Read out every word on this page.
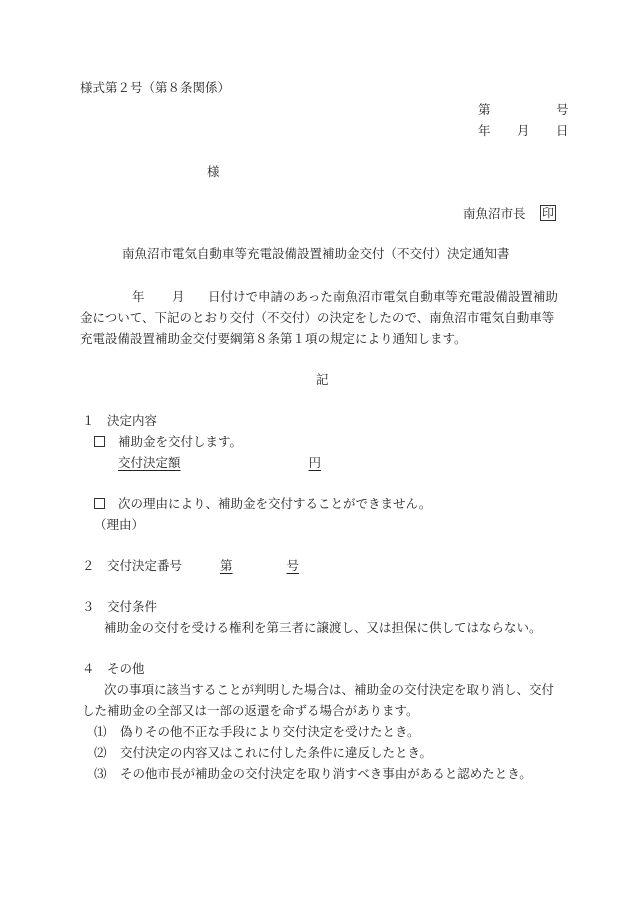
様式第２号（第８条関係）
第	号
年 月 日
様
南魚沼市長 印
南魚沼市電気自動車等充電設備設置補助金交付（不交付）決定通知書
年 月 日付けで申請のあった南魚沼市電気自動車等充電設備設置補助
金について、下記のとおり交付（不交付）の決定をしたので、南魚沼市電気自動車等
充電設備設置補助金交付要綱第８条第１項の規定により通知します。
記
１　決定内容
補助金を交付します。
交付決定額	円
次の理由により、補助金を交付することができません。
（理由）
２　交付決定番号	第	号
３　交付条件
補助金の交付を受ける権利を第三者に譲渡し、又は担保に供してはならない。
４　その他
次の事項に該当することが判明した場合は、補助金の交付決定を取り消し、交付
した補助金の全部又は一部の返還を命ずる場合があります。
⑴ 偽りその他不正な手段により交付決定を受けたとき。
⑵ 交付決定の内容又はこれに付した条件に違反したとき。
⑶ その他市長が補助金の交付決定を取り消すべき事由があると認めたとき。
